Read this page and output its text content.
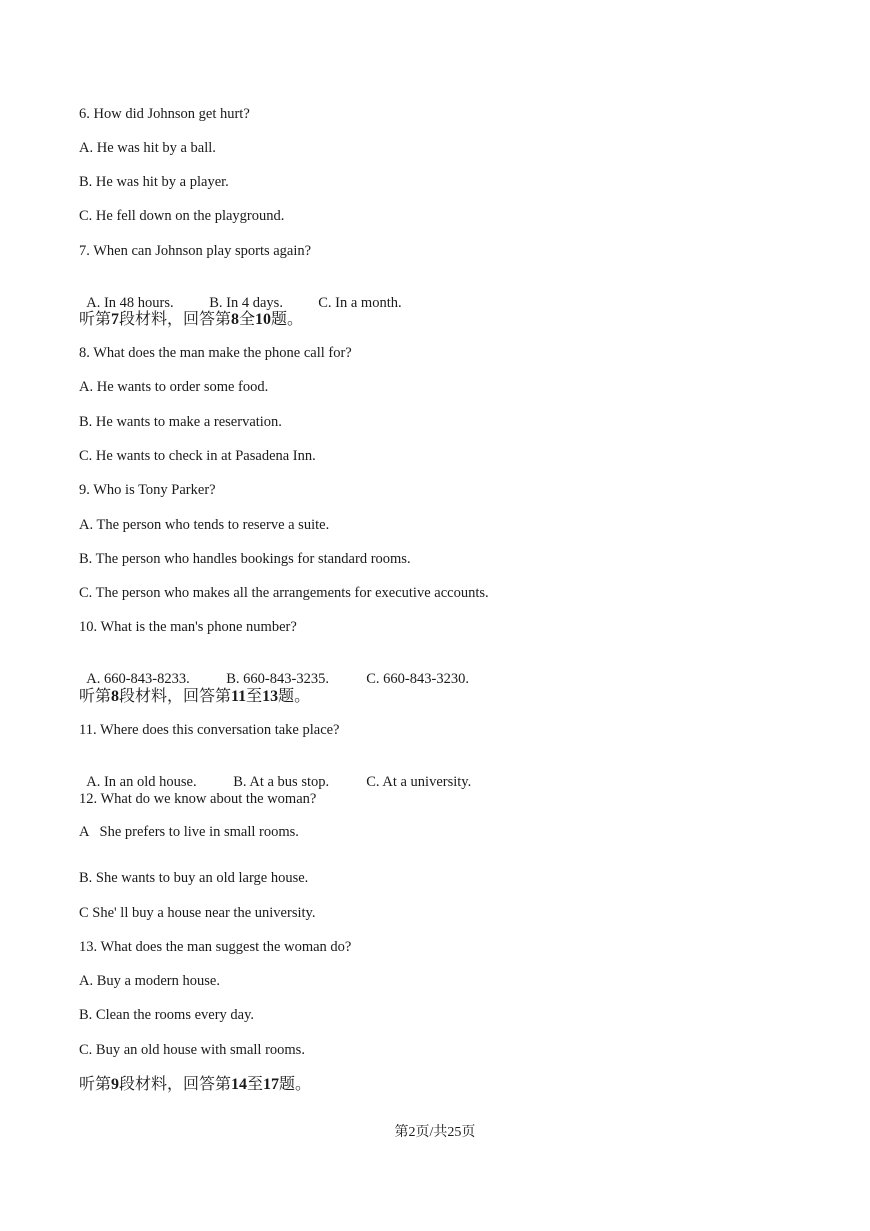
6. How did Johnson get hurt?
A. He was hit by a ball.
B. He was hit by a player.
C. He fell down on the playground.
7. When can Johnson play sports again?

A. In 48 hours. B. In 4 days. C. In a month.

听第7段材料，回答第8全10题。
8. What does the man make the phone call for?
A. He wants to order some food.
B. He wants to make a reservation.
C. He wants to check in at Pasadena Inn.
9. Who is Tony Parker?
A. The person who tends to reserve a suite.
B. The person who handles bookings for standard rooms.
C. The person who makes all the arrangements for executive accounts.
10. What is the man's phone number?

A. 660-843-8233.	B. 660-843-3235.	C. 660-843-3230.

听第8段材料，回答第11至13题。
11. Where does this conversation take place?

A. In an old house.	B. At a bus stop.	C. At a university.

12. What do we know about the woman?
A   She prefers to live in small rooms.
B. She wants to buy an old large house.
C She' ll buy a house near the university.
13. What does the man suggest the woman do?
A. Buy a modern house.
B. Clean the rooms every day.
C. Buy an old house with small rooms.
听第9段材料，回答第14至17题。
第2页/共25页
